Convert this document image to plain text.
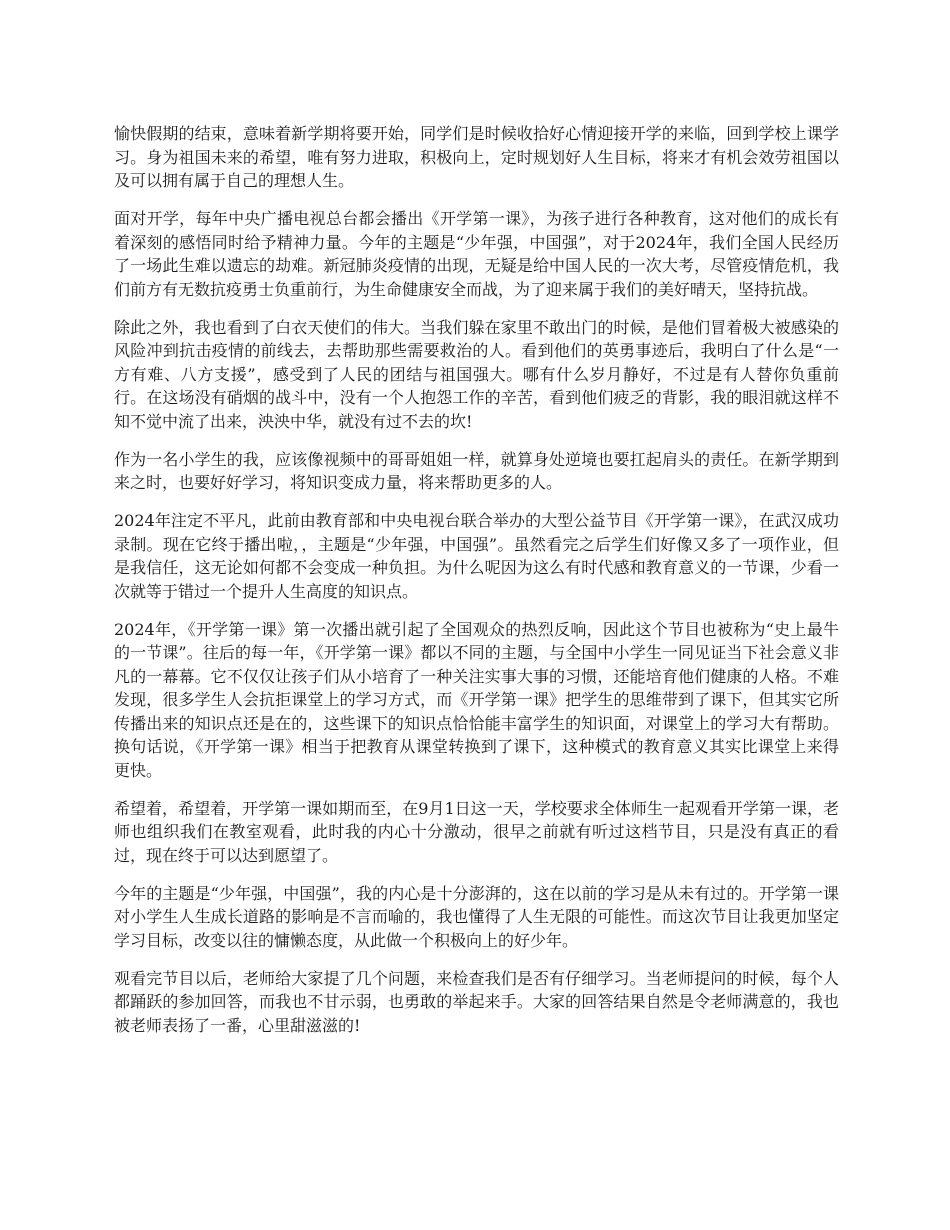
愉快假期的结束，意味着新学期将要开始，同学们是时候收拾好心情迎接开学的来临，回到学校上课学习。身为祖国未来的希望，唯有努力进取，积极向上，定时规划好人生目标，将来才有机会效劳祖国以及可以拥有属于自己的理想人生。

面对开学，每年中央广播电视总台都会播出《开学第一课》，为孩子进行各种教育，这对他们的成长有着深刻的感悟同时给予精神力量。今年的主题是“少年强，中国强”，对于2024年，我们全国人民经历了一场此生难以遗忘的劫难。新冠肺炎疫情的出现，无疑是给中国人民的一次大考，尽管疫情危机，我们前方有无数抗疫勇士负重前行，为生命健康安全而战，为了迎来属于我们的美好晴天，坚持抗战。

除此之外，我也看到了白衣天使们的伟大。当我们躲在家里不敢出门的时候，是他们冒着极大被感染的风险冲到抗击疫情的前线去，去帮助那些需要救治的人。看到他们的英勇事迹后，我明白了什么是“一方有难、八方支援”，感受到了人民的团结与祖国强大。哪有什么岁月静好，不过是有人替你负重前行。在这场没有硝烟的战斗中，没有一个人抱怨工作的辛苦，看到他们疲乏的背影，我的眼泪就这样不知不觉中流了出来，泱泱中华，就没有过不去的坎!

作为一名小学生的我，应该像视频中的哥哥姐姐一样，就算身处逆境也要扛起肩头的责任。在新学期到来之时，也要好好学习，将知识变成力量，将来帮助更多的人。

2024年注定不平凡，此前由教育部和中央电视台联合举办的大型公益节目《开学第一课》，在武汉成功录制。现在它终于播出啦，，主题是“少年强，中国强”。虽然看完之后学生们好像又多了一项作业，但是我信任，这无论如何都不会变成一种负担。为什么呢因为这么有时代感和教育意义的一节课，少看一次就等于错过一个提升人生高度的知识点。

2024年，《开学第一课》第一次播出就引起了全国观众的热烈反响，因此这个节目也被称为“史上最牛的一节课”。往后的每一年，《开学第一课》都以不同的主题，与全国中小学生一同见证当下社会意义非凡的一幕幕。它不仅仅让孩子们从小培育了一种关注实事大事的习惯，还能培育他们健康的人格。不难发现，很多学生人会抗拒课堂上的学习方式，而《开学第一课》把学生的思维带到了课下，但其实它所传播出来的知识点还是在的，这些课下的知识点恰恰能丰富学生的知识面，对课堂上的学习大有帮助。换句话说，《开学第一课》相当于把教育从课堂转换到了课下，这种模式的教育意义其实比课堂上来得更快。

希望着，希望着，开学第一课如期而至，在9月1日这一天，学校要求全体师生一起观看开学第一课，老师也组织我们在教室观看，此时我的内心十分激动，很早之前就有听过这档节目，只是没有真正的看过，现在终于可以达到愿望了。

今年的主题是“少年强，中国强”，我的内心是十分澎湃的，这在以前的学习是从未有过的。开学第一课对小学生人生成长道路的影响是不言而喻的，我也懂得了人生无限的可能性。而这次节目让我更加坚定学习目标，改变以往的慵懒态度，从此做一个积极向上的好少年。

观看完节目以后，老师给大家提了几个问题，来检查我们是否有仔细学习。当老师提问的时候，每个人都踊跃的参加回答，而我也不甘示弱，也勇敢的举起来手。大家的回答结果自然是令老师满意的，我也被老师表扬了一番，心里甜滋滋的!
